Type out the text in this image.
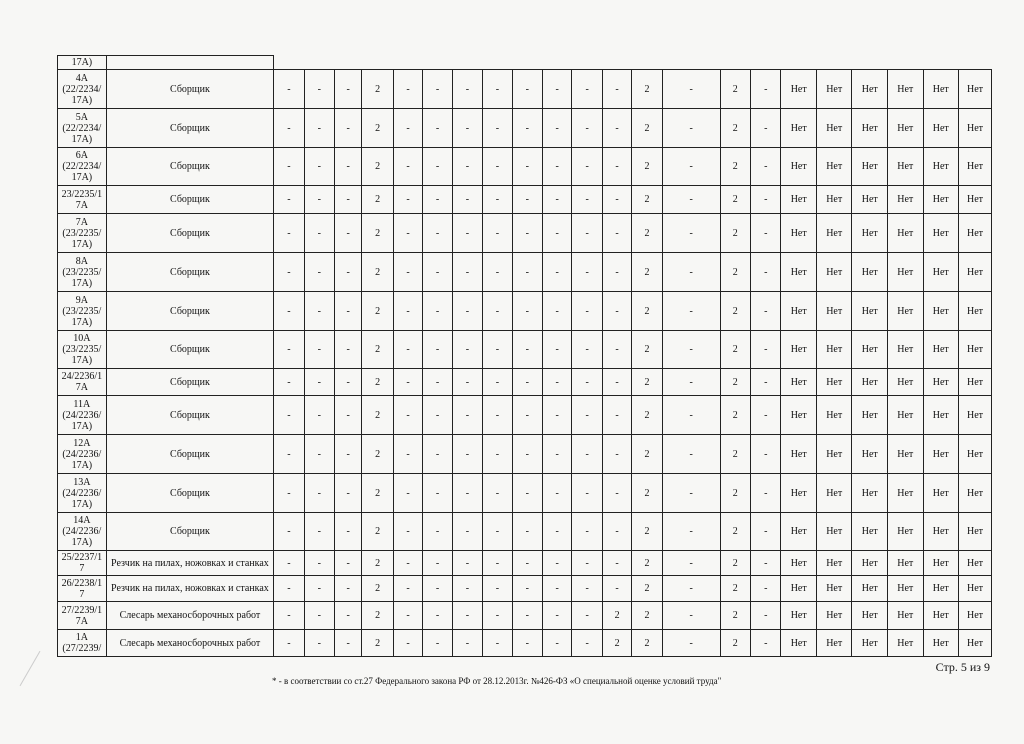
17A)																							
4A (22/2234/ 17A)	Сборщик	-	-	-	2	-	-	-	-	-	-	-	-	2	-	2	-	Нет	Нет	Нет	Нет	Нет	Нет
5A (22/2234/ 17A)	Сборщик	-	-	-	2	-	-	-	-	-	-	-	-	2	-	2	-	Нет	Нет	Нет	Нет	Нет	Нет
6A (22/2234/ 17A)	Сборщик	-	-	-	2	-	-	-	-	-	-	-	-	2	-	2	-	Нет	Нет	Нет	Нет	Нет	Нет
23/2235/1 7A	Сборщик	-	-	-	2	-	-	-	-	-	-	-	-	2	-	2	-	Нет	Нет	Нет	Нет	Нет	Нет
7A (23/2235/ 17A)	Сборщик	-	-	-	2	-	-	-	-	-	-	-	-	2	-	2	-	Нет	Нет	Нет	Нет	Нет	Нет
8A (23/2235/ 17A)	Сборщик	-	-	-	2	-	-	-	-	-	-	-	-	2	-	2	-	Нет	Нет	Нет	Нет	Нет	Нет
9A (23/2235/ 17A)	Сборщик	-	-	-	2	-	-	-	-	-	-	-	-	2	-	2	-	Нет	Нет	Нет	Нет	Нет	Нет
10A (23/2235/ 17A)	Сборщик	-	-	-	2	-	-	-	-	-	-	-	-	2	-	2	-	Нет	Нет	Нет	Нет	Нет	Нет
24/2236/1 7A	Сборщик	-	-	-	2	-	-	-	-	-	-	-	-	2	-	2	-	Нет	Нет	Нет	Нет	Нет	Нет
11A (24/2236/ 17A)	Сборщик	-	-	-	2	-	-	-	-	-	-	-	-	2	-	2	-	Нет	Нет	Нет	Нет	Нет	Нет
12A (24/2236/ 17A)	Сборщик	-	-	-	2	-	-	-	-	-	-	-	-	2	-	2	-	Нет	Нет	Нет	Нет	Нет	Нет
13A (24/2236/ 17A)	Сборщик	-	-	-	2	-	-	-	-	-	-	-	-	2	-	2	-	Нет	Нет	Нет	Нет	Нет	Нет
14A (24/2236/ 17A)	Сборщик	-	-	-	2	-	-	-	-	-	-	-	-	2	-	2	-	Нет	Нет	Нет	Нет	Нет	Нет
25/2237/1 7	Резчик на пилах, ножовках и станках	-	-	-	2	-	-	-	-	-	-	-	-	2	-	2	-	Нет	Нет	Нет	Нет	Нет	Нет
26/2238/1 7	Резчик на пилах, ножовках и станках	-	-	-	2	-	-	-	-	-	-	-	-	2	-	2	-	Нет	Нет	Нет	Нет	Нет	Нет
27/2239/1 7A	Слесарь механосборочных работ	-	-	-	2	-	-	-	-	-	-	-	2	2	-	2	-	Нет	Нет	Нет	Нет	Нет	Нет
1A (27/2239/	Слесарь механосборочных работ	-	-	-	2	-	-	-	-	-	-	-	2	2	-	2	-	Нет	Нет	Нет	Нет	Нет	Нет
Стр. 5 из 9
* - в соответствии со ст.27 Федерального закона РФ от 28.12.2013г. №426-ФЗ «О специальной оценке условий труда"
